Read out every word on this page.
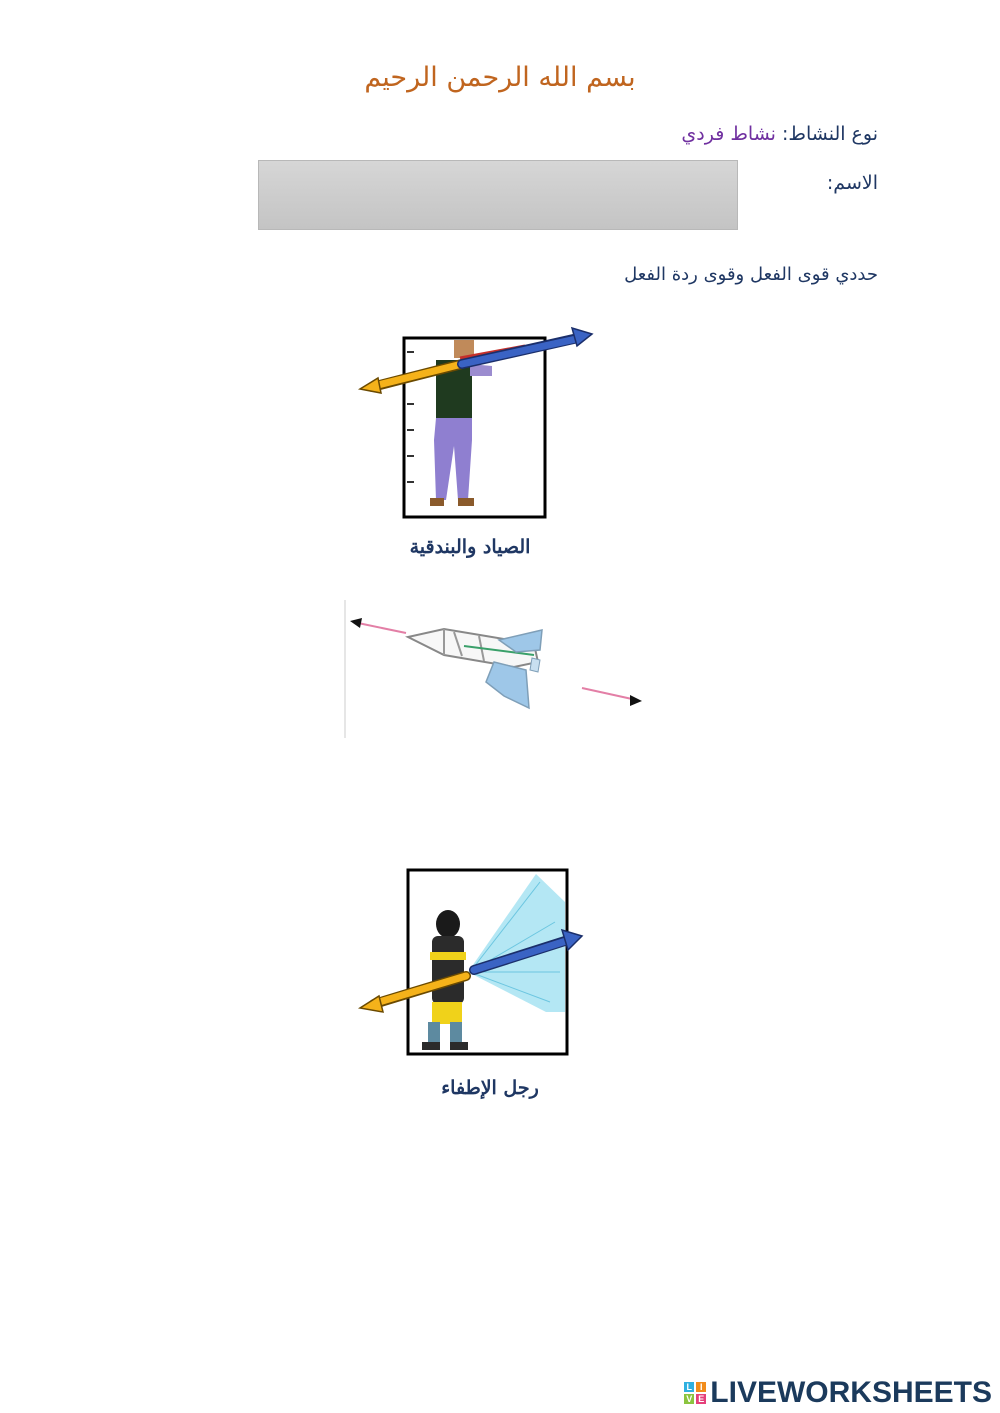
بسم الله الرحمن الرحيم
نوع النشاط: نشاط فردي
الاسم:
حددي قوى الفعل وقوى ردة الفعل
الصياد والبندقية
رجل الإطفاء
L I
V E LIVEWORKSHEETS
